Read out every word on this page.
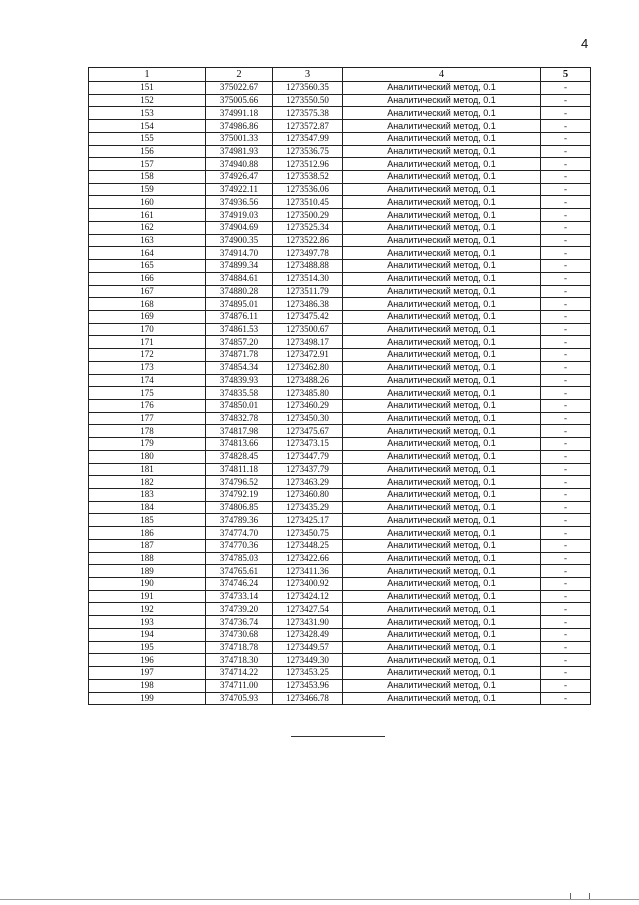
4
1	2	3	4	5
151	375022.67	1273560.35	Аналитический метод, 0.1	-
152	375005.66	1273550.50	Аналитический метод, 0.1	-
153	374991.18	1273575.38	Аналитический метод, 0.1	-
154	374986.86	1273572.87	Аналитический метод, 0.1	-
155	375001.33	1273547.99	Аналитический метод, 0.1	-
156	374981.93	1273536.75	Аналитический метод, 0.1	-
157	374940.88	1273512.96	Аналитический метод, 0.1	-
158	374926.47	1273538.52	Аналитический метод, 0.1	-
159	374922.11	1273536.06	Аналитический метод, 0.1	-
160	374936.56	1273510.45	Аналитический метод, 0.1	-
161	374919.03	1273500.29	Аналитический метод, 0.1	-
162	374904.69	1273525.34	Аналитический метод, 0.1	-
163	374900.35	1273522.86	Аналитический метод, 0.1	-
164	374914.70	1273497.78	Аналитический метод, 0.1	-
165	374899.34	1273488.88	Аналитический метод, 0.1	-
166	374884.61	1273514.30	Аналитический метод, 0.1	-
167	374880.28	1273511.79	Аналитический метод, 0.1	-
168	374895.01	1273486.38	Аналитический метод, 0.1	-
169	374876.11	1273475.42	Аналитический метод, 0.1	-
170	374861.53	1273500.67	Аналитический метод, 0.1	-
171	374857.20	1273498.17	Аналитический метод, 0.1	-
172	374871.78	1273472.91	Аналитический метод, 0.1	-
173	374854.34	1273462.80	Аналитический метод, 0.1	-
174	374839.93	1273488.26	Аналитический метод, 0.1	-
175	374835.58	1273485.80	Аналитический метод, 0.1	-
176	374850.01	1273460.29	Аналитический метод, 0.1	-
177	374832.78	1273450.30	Аналитический метод, 0.1	-
178	374817.98	1273475.67	Аналитический метод, 0.1	-
179	374813.66	1273473.15	Аналитический метод, 0.1	-
180	374828.45	1273447.79	Аналитический метод, 0.1	-
181	374811.18	1273437.79	Аналитический метод, 0.1	-
182	374796.52	1273463.29	Аналитический метод, 0.1	-
183	374792.19	1273460.80	Аналитический метод, 0.1	-
184	374806.85	1273435.29	Аналитический метод, 0.1	-
185	374789.36	1273425.17	Аналитический метод, 0.1	-
186	374774.70	1273450.75	Аналитический метод, 0.1	-
187	374770.36	1273448.25	Аналитический метод, 0.1	-
188	374785.03	1273422.66	Аналитический метод, 0.1	-
189	374765.61	1273411.36	Аналитический метод, 0.1	-
190	374746.24	1273400.92	Аналитический метод, 0.1	-
191	374733.14	1273424.12	Аналитический метод, 0.1	-
192	374739.20	1273427.54	Аналитический метод, 0.1	-
193	374736.74	1273431.90	Аналитический метод, 0.1	-
194	374730.68	1273428.49	Аналитический метод, 0.1	-
195	374718.78	1273449.57	Аналитический метод, 0.1	-
196	374718.30	1273449.30	Аналитический метод, 0.1	-
197	374714.22	1273453.25	Аналитический метод, 0.1	-
198	374711.00	1273453.96	Аналитический метод, 0.1	-
199	374705.93	1273466.78	Аналитический метод, 0.1	-
